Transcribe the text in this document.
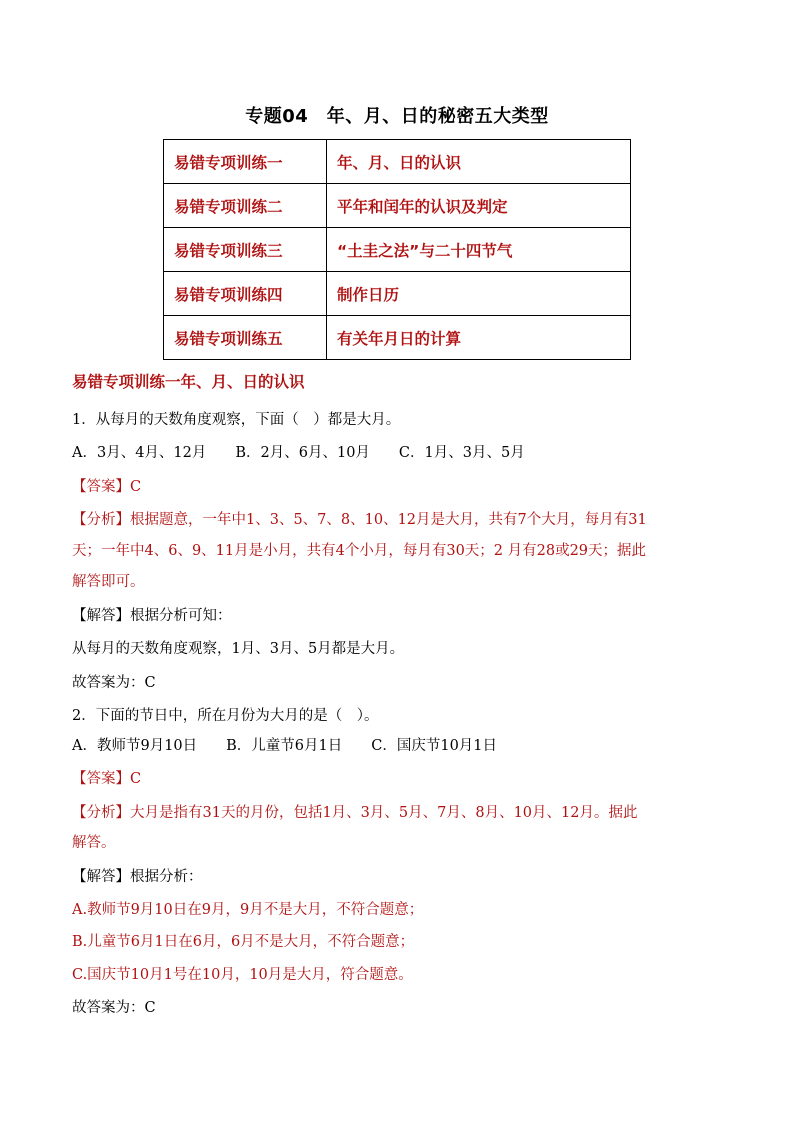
专题04　年、月、日的秘密五大类型
易错专项训练一	年、月、日的认识
易错专项训练二	平年和闰年的认识及判定
易错专项训练三	“土圭之法”与二十四节气
易错专项训练四	制作日历
易错专项训练五	有关年月日的计算
易错专项训练一年、月、日的认识
1．从每月的天数角度观察，下面（　）都是大月。
A．3月、4月、12月　　B．2月、6月、10月　　C．1月、3月、5月
【答案】C
【分析】根据题意，一年中1、3、5、7、8、10、12月是大月，共有7个大月，每月有31
天；一年中4、6、9、11月是小月，共有4个小月，每月有30天；2 月有28或29天；据此
解答即可。
【解答】根据分析可知：
从每月的天数角度观察，1月、3月、5月都是大月。
故答案为：C
2．下面的节日中，所在月份为大月的是（　）。
A．教师节9月10日　　B．儿童节6月1日　　C．国庆节10月1日
【答案】C
【分析】大月是指有31天的月份，包括1月、3月、5月、7月、8月、10月、12月。据此
解答。
【解答】根据分析：
A.教师节9月10日在9月，9月不是大月，不符合题意；
B.儿童节6月1日在6月，6月不是大月，不符合题意；
C.国庆节10月1号在10月，10月是大月，符合题意。
故答案为：C
